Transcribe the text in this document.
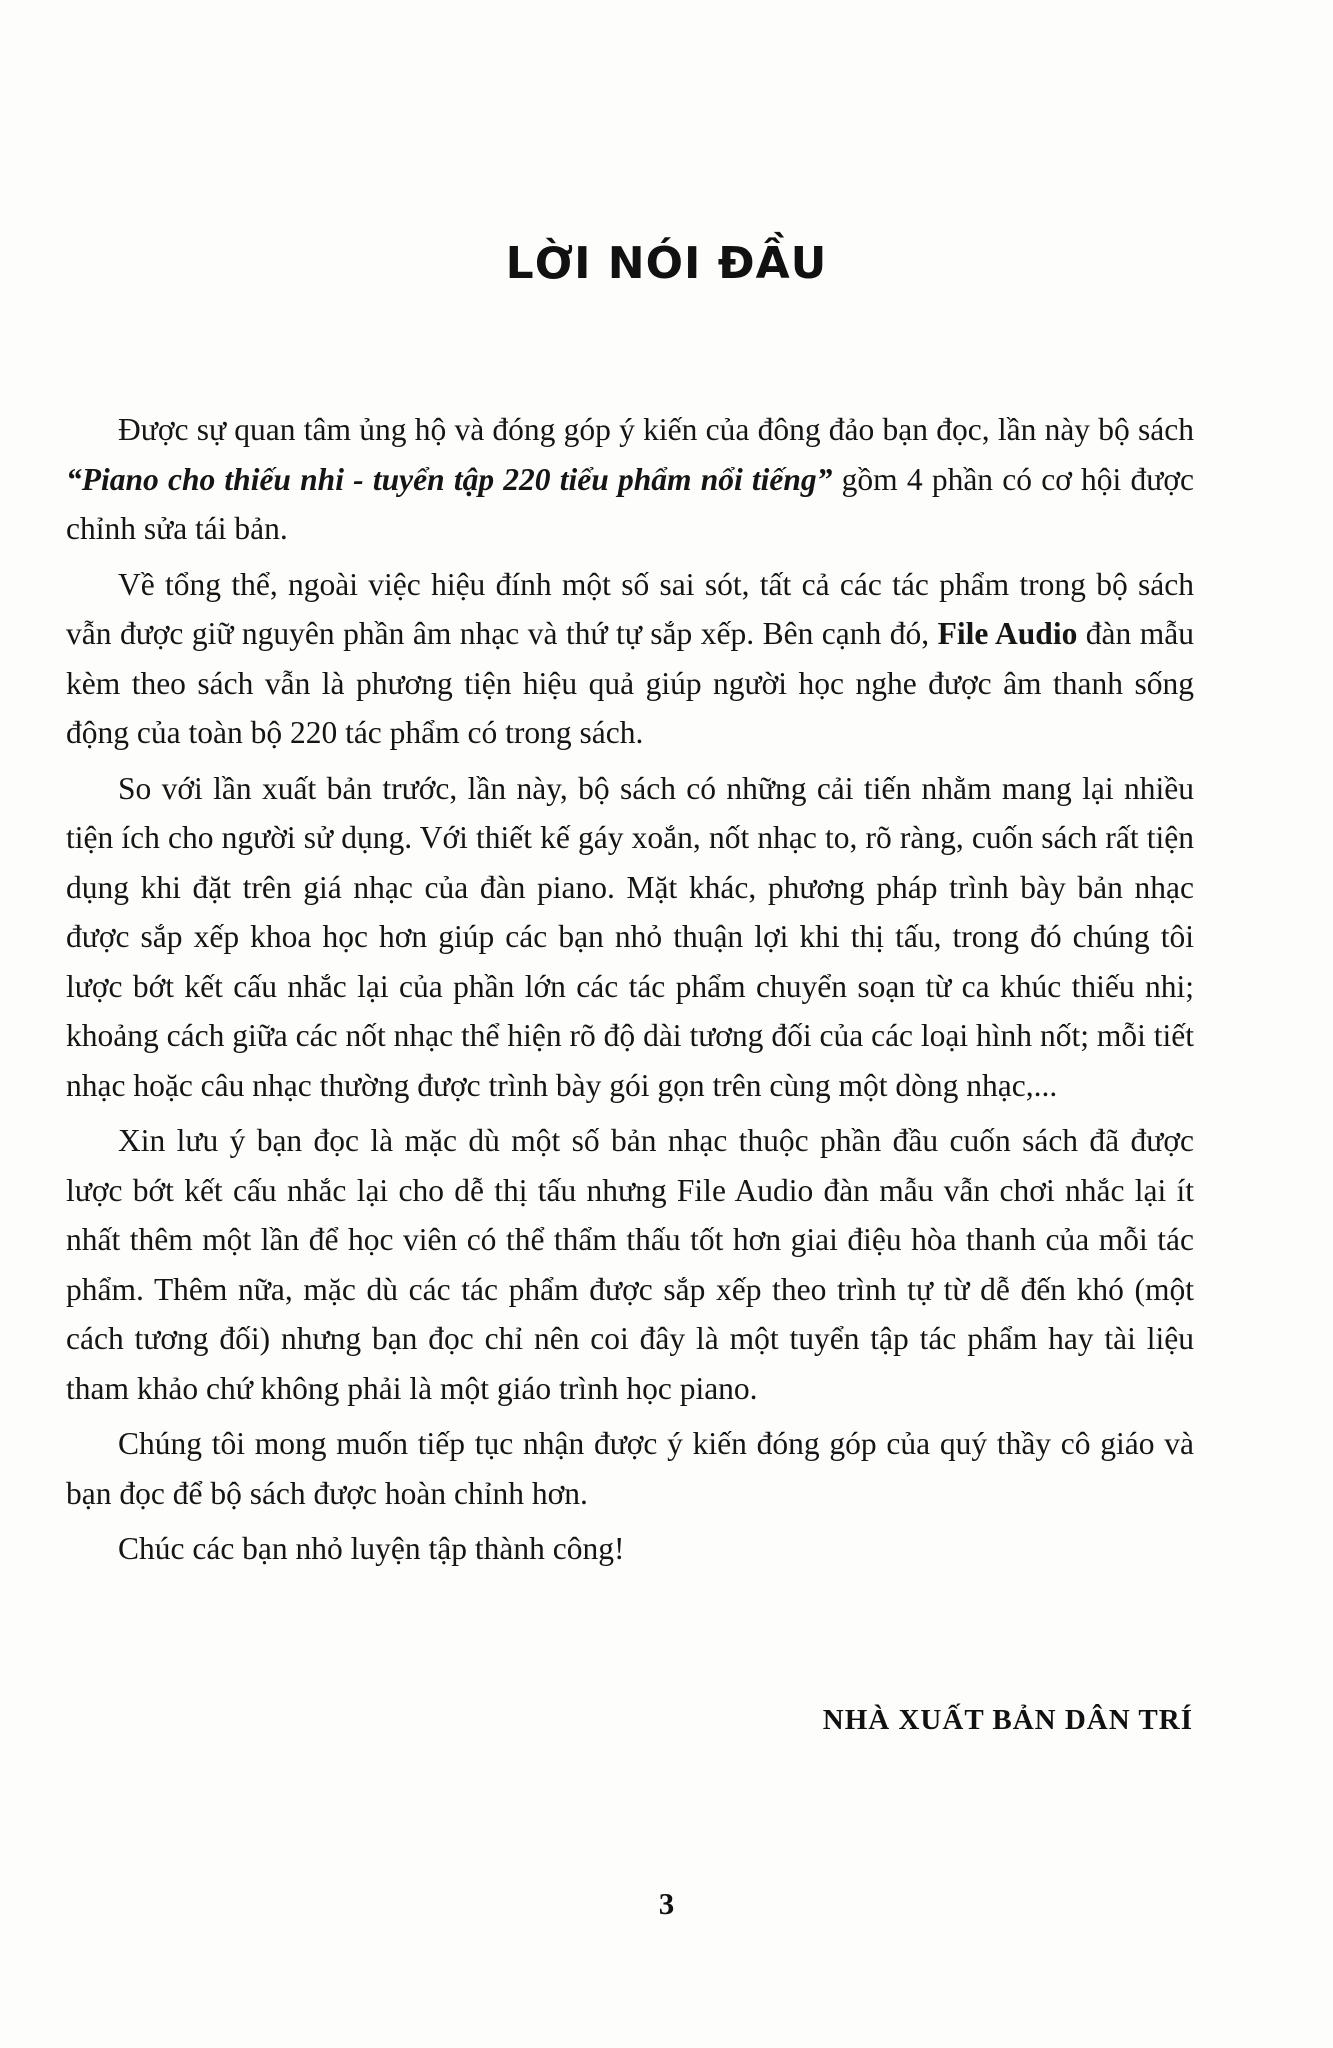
LỜI NÓI ĐẦU

Được sự quan tâm ủng hộ và đóng góp ý kiến của đông đảo bạn đọc, lần này bộ sách “Piano cho thiếu nhi - tuyển tập 220 tiểu phẩm nổi tiếng” gồm 4 phần có cơ hội được chỉnh sửa tái bản.

Về tổng thể, ngoài việc hiệu đính một số sai sót, tất cả các tác phẩm trong bộ sách vẫn được giữ nguyên phần âm nhạc và thứ tự sắp xếp. Bên cạnh đó, File Audio đàn mẫu kèm theo sách vẫn là phương tiện hiệu quả giúp người học nghe được âm thanh sống động của toàn bộ 220 tác phẩm có trong sách.

So với lần xuất bản trước, lần này, bộ sách có những cải tiến nhằm mang lại nhiều tiện ích cho người sử dụng. Với thiết kế gáy xoắn, nốt nhạc to, rõ ràng, cuốn sách rất tiện dụng khi đặt trên giá nhạc của đàn piano. Mặt khác, phương pháp trình bày bản nhạc được sắp xếp khoa học hơn giúp các bạn nhỏ thuận lợi khi thị tấu, trong đó chúng tôi lược bớt kết cấu nhắc lại của phần lớn các tác phẩm chuyển soạn từ ca khúc thiếu nhi; khoảng cách giữa các nốt nhạc thể hiện rõ độ dài tương đối của các loại hình nốt; mỗi tiết nhạc hoặc câu nhạc thường được trình bày gói gọn trên cùng một dòng nhạc,...

Xin lưu ý bạn đọc là mặc dù một số bản nhạc thuộc phần đầu cuốn sách đã được lược bớt kết cấu nhắc lại cho dễ thị tấu nhưng File Audio đàn mẫu vẫn chơi nhắc lại ít nhất thêm một lần để học viên có thể thẩm thấu tốt hơn giai điệu hòa thanh của mỗi tác phẩm. Thêm nữa, mặc dù các tác phẩm được sắp xếp theo trình tự từ dễ đến khó (một cách tương đối) nhưng bạn đọc chỉ nên coi đây là một tuyển tập tác phẩm hay tài liệu tham khảo chứ không phải là một giáo trình học piano.

Chúng tôi mong muốn tiếp tục nhận được ý kiến đóng góp của quý thầy cô giáo và bạn đọc để bộ sách được hoàn chỉnh hơn.

Chúc các bạn nhỏ luyện tập thành công!

NHÀ XUẤT BẢN DÂN TRÍ
3
